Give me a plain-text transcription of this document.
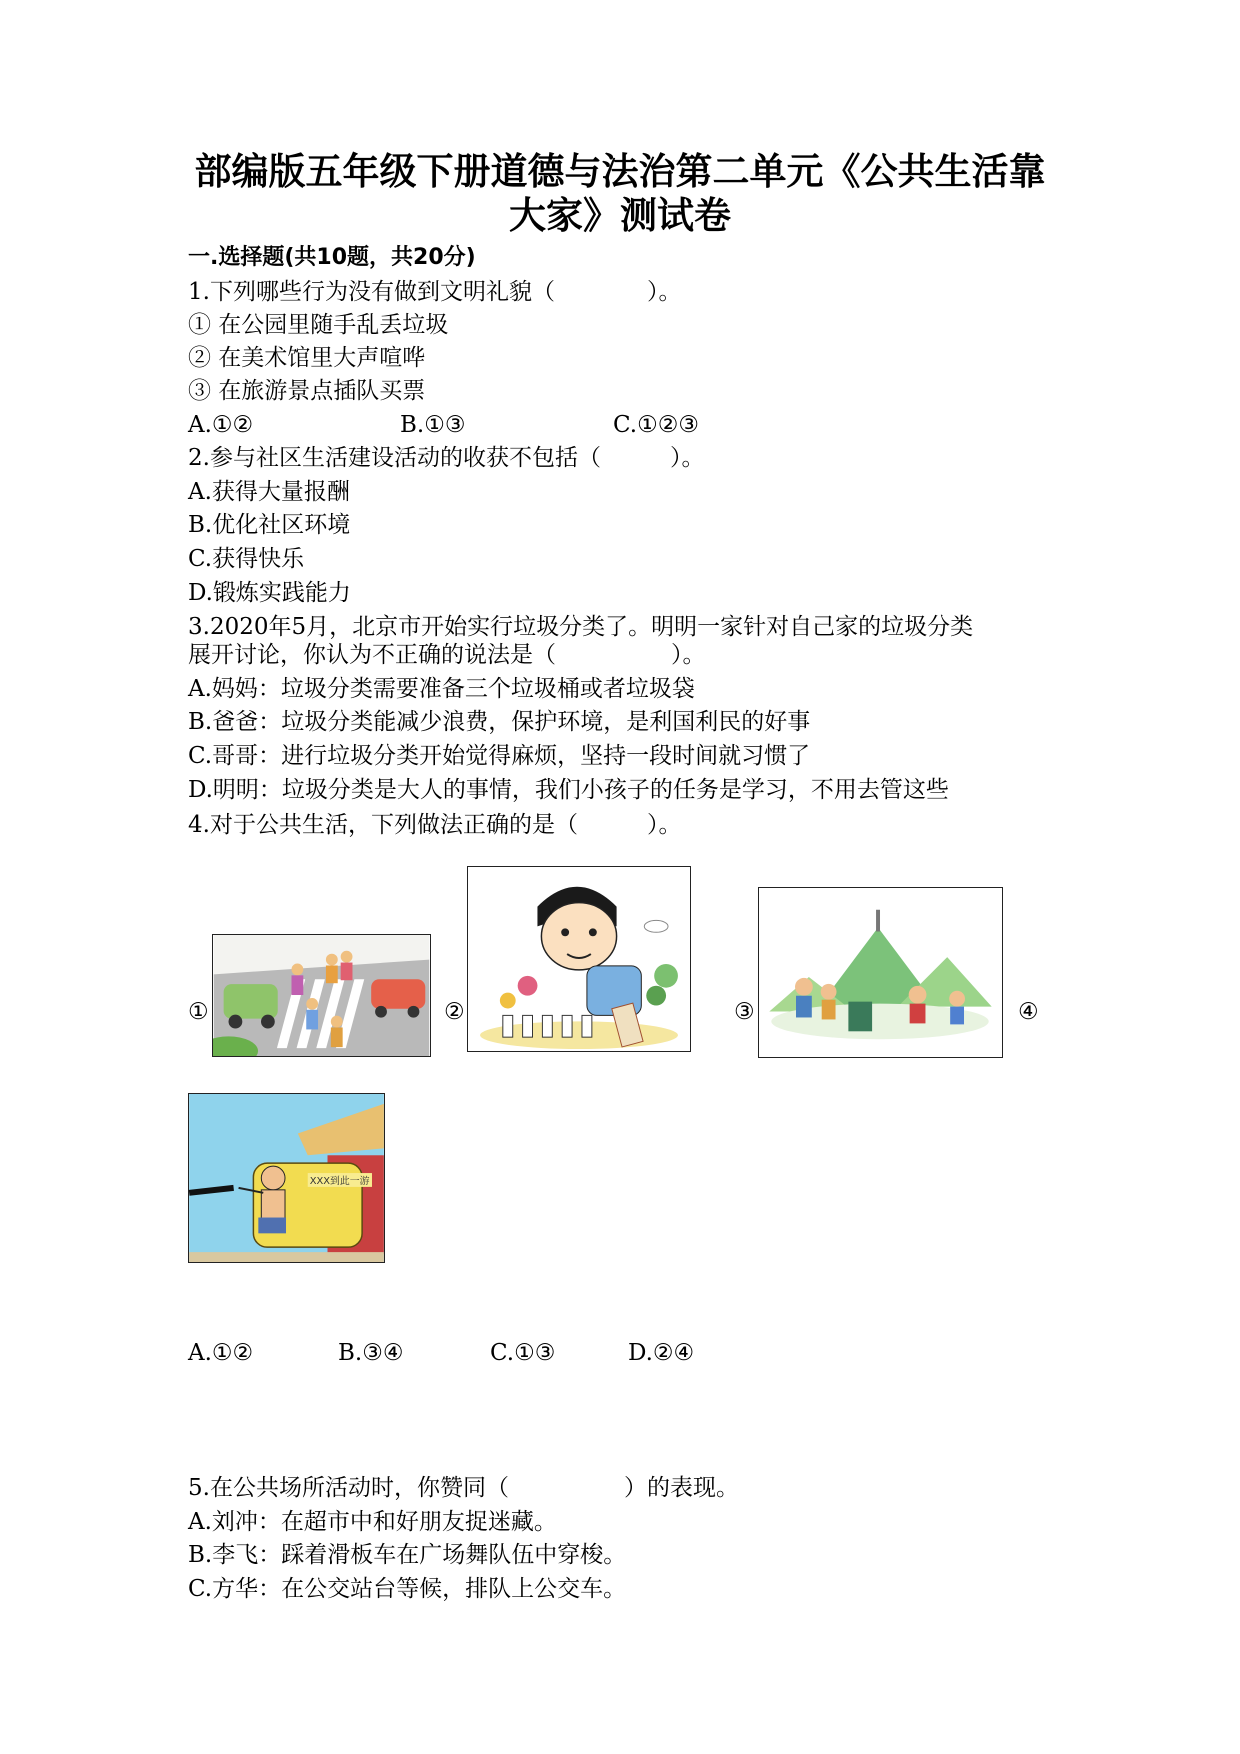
部编版五年级下册道德与法治第二单元《公共生活靠
大家》测试卷
一.选择题(共10题，共20分)
1.下列哪些行为没有做到文明礼貌（　　　　）。
① 在公园里随手乱丢垃圾
② 在美术馆里大声喧哗
③ 在旅游景点插队买票
A.①②	B.①③	C.①②③
2.参与社区生活建设活动的收获不包括（　　　）。
A.获得大量报酬
B.优化社区环境
C.获得快乐
D.锻炼实践能力
3.2020年5月，北京市开始实行垃圾分类了。明明一家针对自己家的垃圾分类
展开讨论，你认为不正确的说法是（　　　　　）。
A.妈妈：垃圾分类需要准备三个垃圾桶或者垃圾袋
B.爸爸：垃圾分类能减少浪费，保护环境，是利国利民的好事
C.哥哥：进行垃圾分类开始觉得麻烦，坚持一段时间就习惯了
D.明明：垃圾分类是大人的事情，我们小孩子的任务是学习，不用去管这些
4.对于公共生活，下列做法正确的是（　　　）。
①	②	③	④
XXX到此一游
A.①②	B.③④	C.①③	D.②④
5.在公共场所活动时，你赞同（　　　　　）的表现。
A.刘冲：在超市中和好朋友捉迷藏。
B.李飞：踩着滑板车在广场舞队伍中穿梭。
C.方华：在公交站台等候，排队上公交车。
